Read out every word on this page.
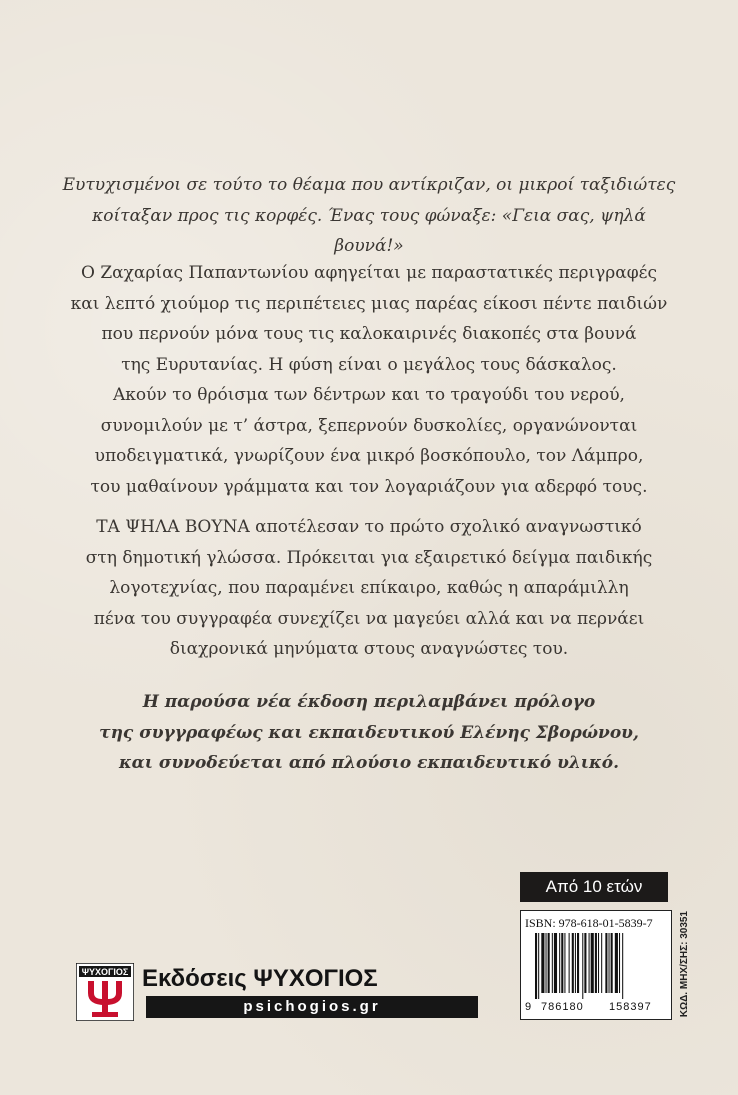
Ευτυχισμένοι σε τούτο το θέαμα που αντίκριζαν, οι μικροί ταξιδιώτες

κοίταξαν προς τις κορφές. Ένας τους φώναξε: «Γεια σας, ψηλά βουνά!»

Ο Ζαχαρίας Παπαντωνίου αφηγείται με παραστατικές περιγραφές

και λεπτό χιούμορ τις περιπέτειες μιας παρέας είκοσι πέντε παιδιών

που περνούν μόνα τους τις καλοκαιρινές διακοπές στα βουνά

της Ευρυτανίας. Η φύση είναι ο μεγάλος τους δάσκαλος.

Ακούν το θρόισμα των δέντρων και το τραγούδι του νερού,

συνομιλούν με τ’ άστρα, ξεπερνούν δυσκολίες, οργανώνονται

υποδειγματικά, γνωρίζουν ένα μικρό βοσκόπουλο, τον Λάμπρο,

του μαθαίνουν γράμματα και τον λογαριάζουν για αδερφό τους.

ΤΑ ΨΗΛΑ ΒΟΥΝΑ αποτέλεσαν το πρώτο σχολικό αναγνωστικό

στη δημοτική γλώσσα. Πρόκειται για εξαιρετικό δείγμα παιδικής

λογοτεχνίας, που παραμένει επίκαιρο, καθώς η απαράμιλλη

πένα του συγγραφέα συνεχίζει να μαγεύει αλλά και να περνάει

διαχρονικά μηνύματα στους αναγνώστες του.

Η παρούσα νέα έκδοση περιλαμβάνει πρόλογο

της συγγραφέως και εκπαιδευτικού Ελένης Σβορώνου,

και συνοδεύεται από πλούσιο εκπαιδευτικό υλικό.

Από 10 ετών
ISBN: 978-618-01-5839-7
9 786180 158397	ΚΩΔ. ΜΗΧ/ΣΗΣ: 30351
ΨΥΧΟΓΙΟΣ Εκδόσεις ΨΥΧΟΓΙΟΣ
psichogios.gr
